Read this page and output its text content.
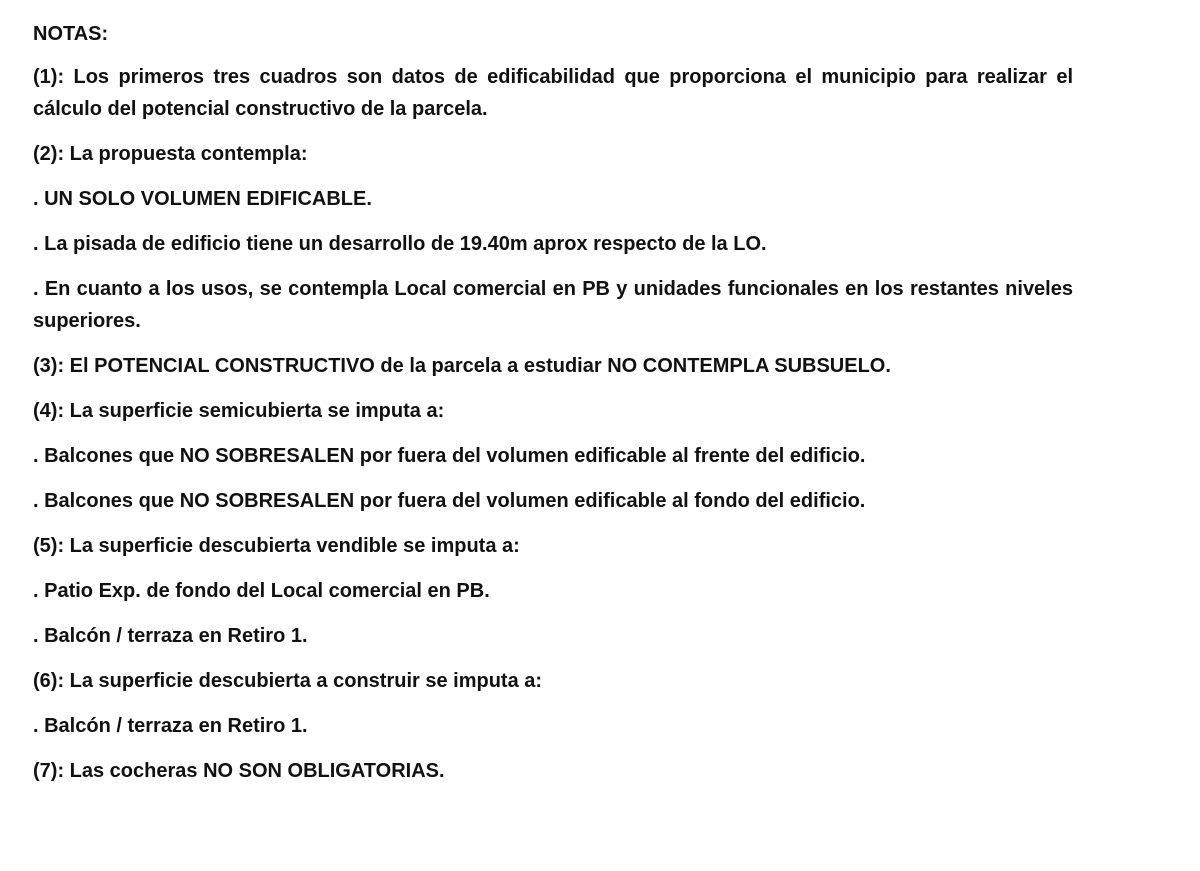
NOTAS:
(1): Los primeros tres cuadros son datos de edificabilidad que proporciona el municipio para realizar el cálculo del potencial constructivo de la parcela.
(2): La propuesta contempla:
. UN SOLO VOLUMEN EDIFICABLE.
. La pisada de edificio tiene un desarrollo de 19.40m aprox respecto de la LO.
. En cuanto a los usos, se contempla Local comercial en PB y unidades funcionales en los restantes niveles superiores.
(3): El POTENCIAL CONSTRUCTIVO de la parcela a estudiar NO CONTEMPLA SUBSUELO.
(4): La superficie semicubierta se imputa a:
. Balcones que NO SOBRESALEN por fuera del volumen edificable al frente del edificio.
. Balcones que NO SOBRESALEN por fuera del volumen edificable al fondo del edificio.
(5): La superficie descubierta vendible se imputa a:
. Patio Exp. de fondo del Local comercial en PB.
. Balcón / terraza en Retiro 1.
(6): La superficie descubierta a construir se imputa a:
. Balcón / terraza en Retiro 1.
(7): Las cocheras NO SON OBLIGATORIAS.
